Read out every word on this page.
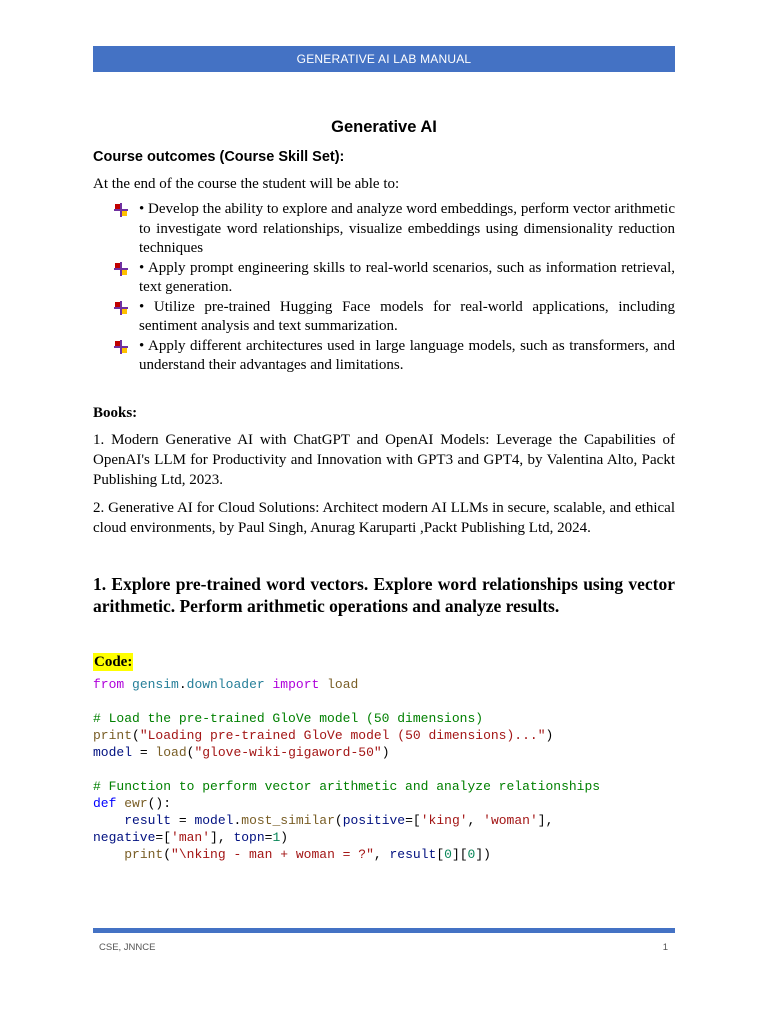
GENERATIVE AI LAB MANUAL
Generative AI
Course outcomes (Course Skill Set):

At the end of the course the student will be able to:

• Develop the ability to explore and analyze word embeddings, perform vector arithmetic to investigate word relationships, visualize embeddings using dimensionality reduction techniques
• Apply prompt engineering skills to real-world scenarios, such as information retrieval, text generation.
• Utilize pre-trained Hugging Face models for real-world applications, including sentiment analysis and text summarization.
• Apply different architectures used in large language models, such as transformers, and understand their advantages and limitations.
Books:

1. Modern Generative AI with ChatGPT and OpenAI Models: Leverage the Capabilities of OpenAI's LLM for Productivity and Innovation with GPT3 and GPT4, by Valentina Alto, Packt Publishing Ltd, 2023.

2. Generative AI for Cloud Solutions: Architect modern AI LLMs in secure, scalable, and ethical cloud environments, by Paul Singh, Anurag Karuparti ,Packt Publishing Ltd, 2024.

1. Explore pre-trained word vectors. Explore word relationships using vector arithmetic. Perform arithmetic operations and analyze results.
Code:
from gensim.downloader import load

# Load the pre-trained GloVe model (50 dimensions)
print("Loading pre-trained GloVe model (50 dimensions)...")
model = load("glove-wiki-gigaword-50")

# Function to perform vector arithmetic and analyze relationships
def ewr():
result = model.most_similar(positive=['king', 'woman'],
negative=['man'], topn=1)
print("\nking - man + woman = ?", result[0][0])
CSE, JNNCE	1
